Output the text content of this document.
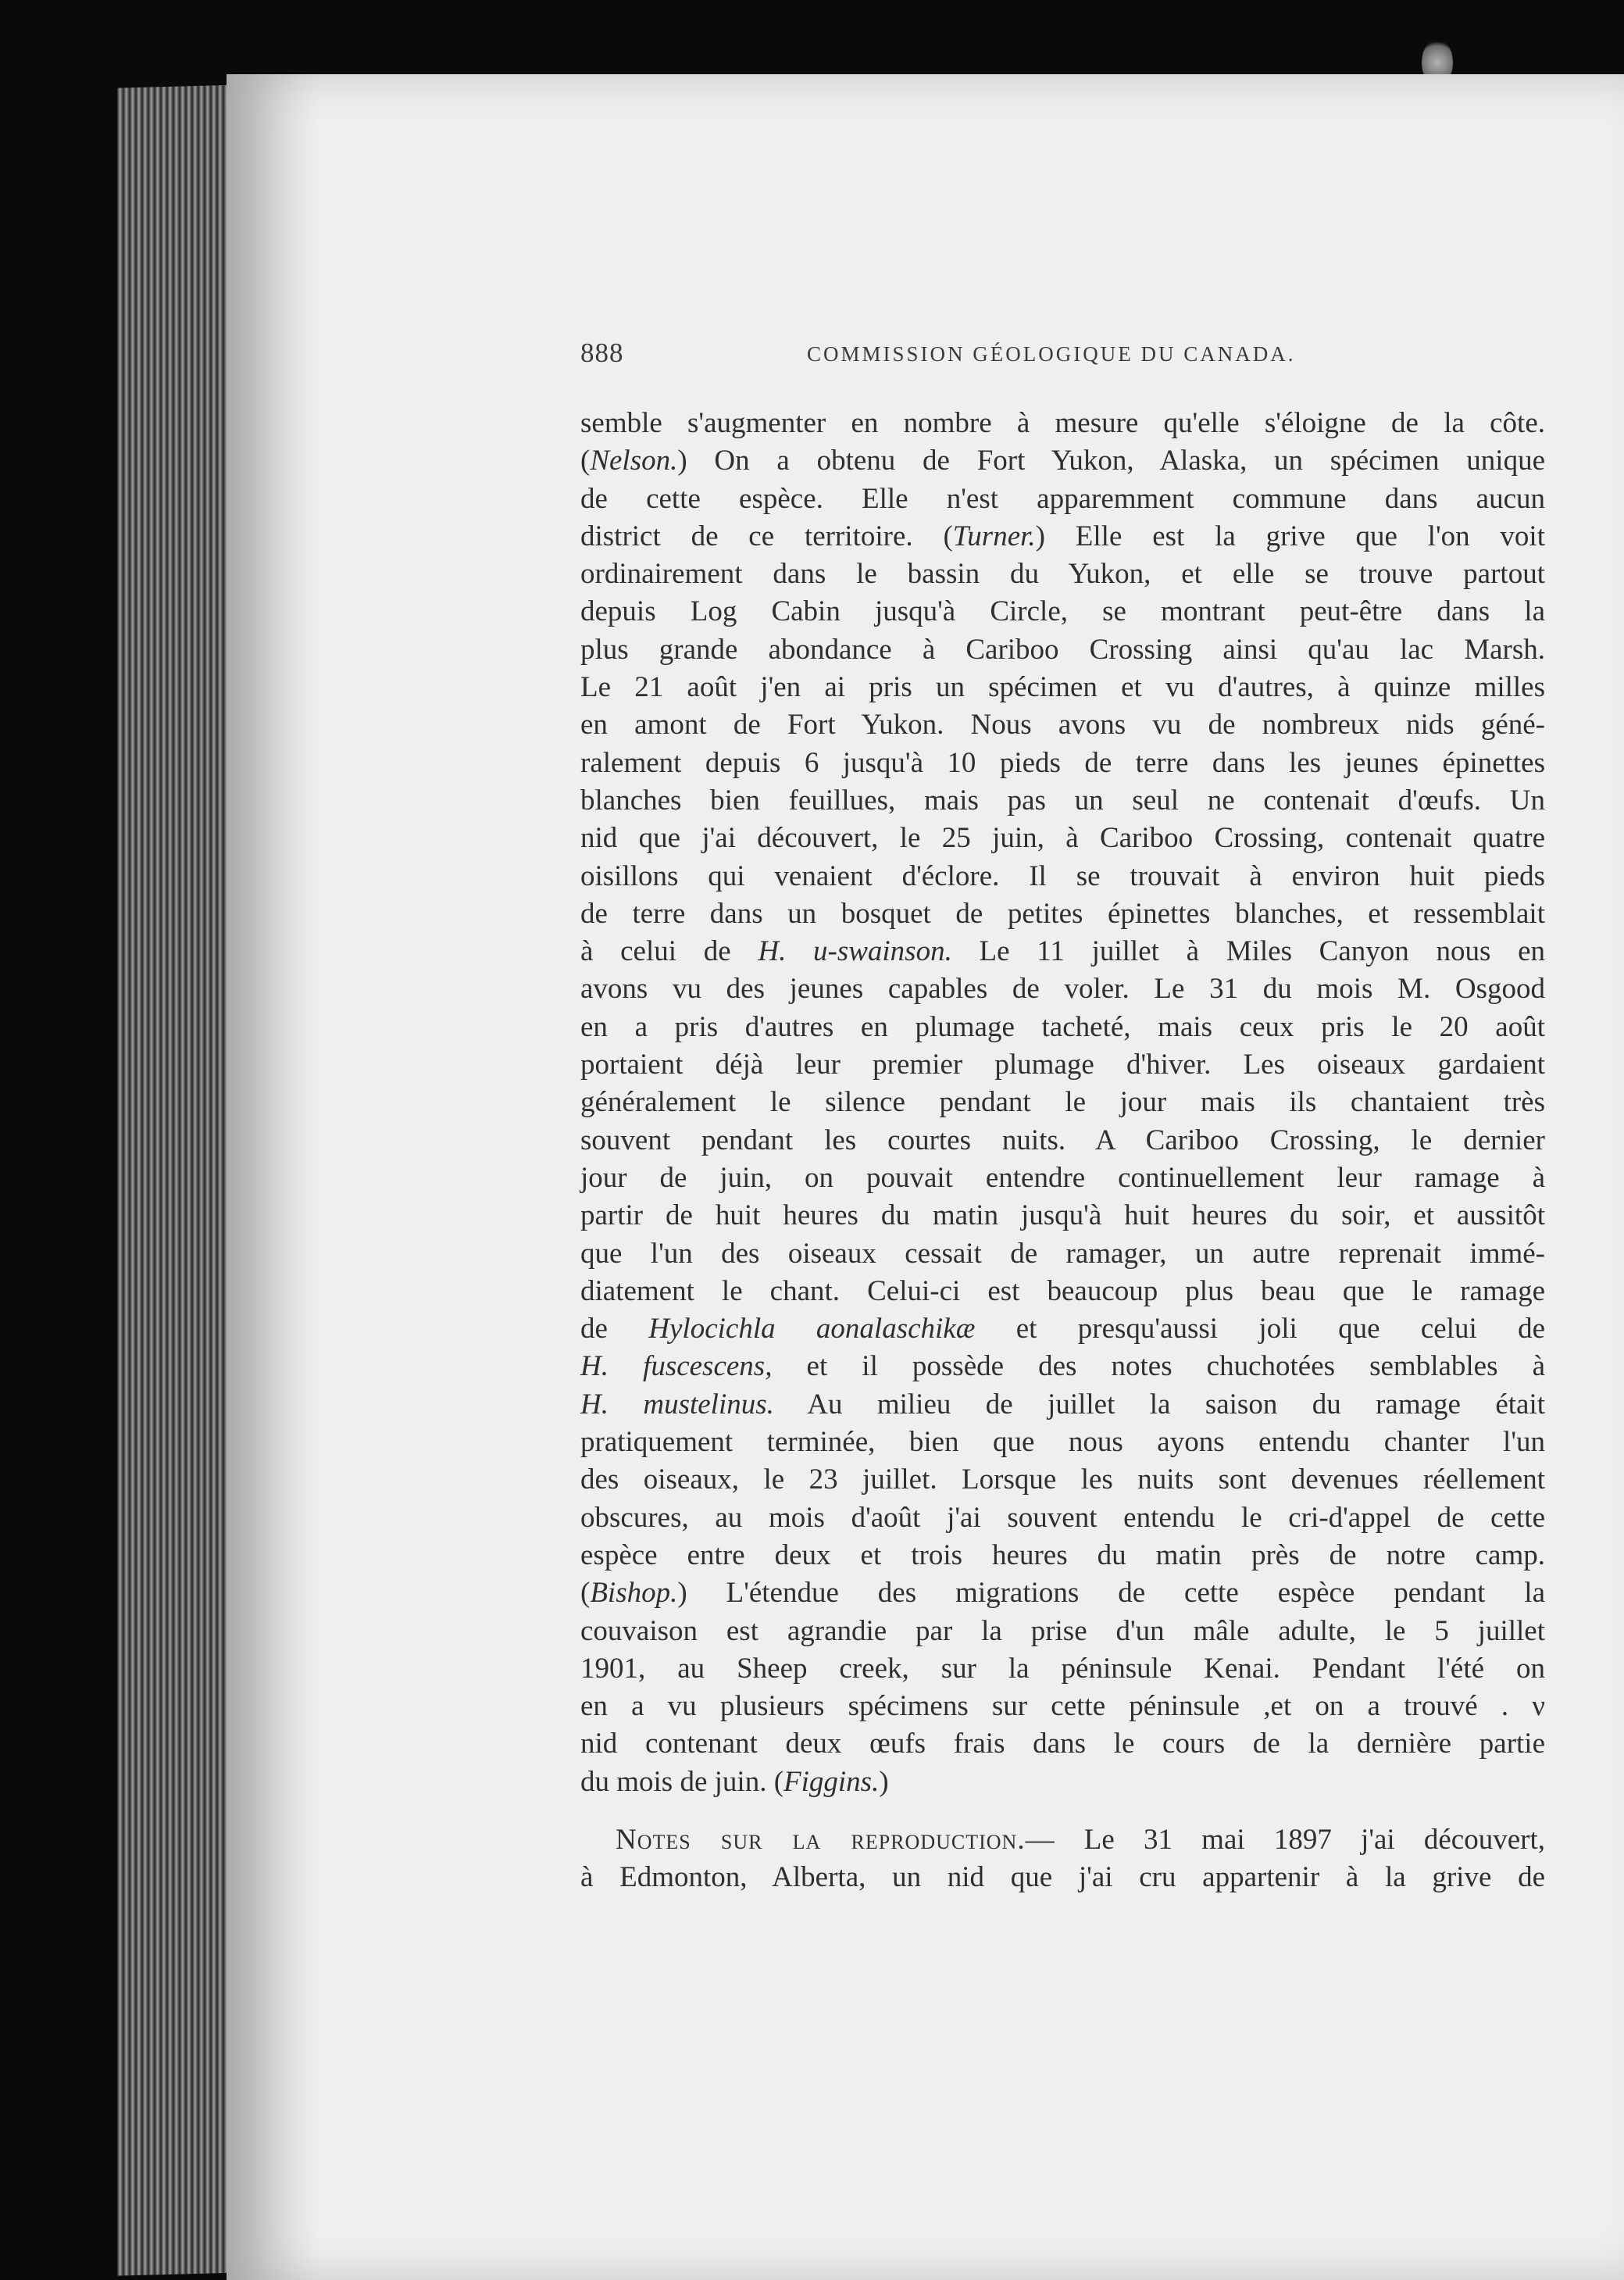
888	COMMISSION GÉOLOGIQUE DU CANADA.
semble s'augmenter en nombre à mesure qu'elle s'éloigne de la côte.
(Nelson.) On a obtenu de Fort Yukon, Alaska, un spécimen unique
de cette espèce. Elle n'est apparemment commune dans aucun
district de ce territoire. (Turner.) Elle est la grive que l'on voit
ordinairement dans le bassin du Yukon, et elle se trouve partout
depuis Log Cabin jusqu'à Circle, se montrant peut-être dans la
plus grande abondance à Cariboo Crossing ainsi qu'au lac Marsh.
Le 21 août j'en ai pris un spécimen et vu d'autres, à quinze milles
en amont de Fort Yukon. Nous avons vu de nombreux nids géné-
ralement depuis 6 jusqu'à 10 pieds de terre dans les jeunes épinettes
blanches bien feuillues, mais pas un seul ne contenait d'œufs. Un
nid que j'ai découvert, le 25 juin, à Cariboo Crossing, contenait quatre
oisillons qui venaient d'éclore. Il se trouvait à environ huit pieds
de terre dans un bosquet de petites épinettes blanches, et ressemblait
à celui de H. u-swainson. Le 11 juillet à Miles Canyon nous en
avons vu des jeunes capables de voler. Le 31 du mois M. Osgood
en a pris d'autres en plumage tacheté, mais ceux pris le 20 août
portaient déjà leur premier plumage d'hiver. Les oiseaux gardaient
généralement le silence pendant le jour mais ils chantaient très
souvent pendant les courtes nuits. A Cariboo Crossing, le dernier
jour de juin, on pouvait entendre continuellement leur ramage à
partir de huit heures du matin jusqu'à huit heures du soir, et aussitôt
que l'un des oiseaux cessait de ramager, un autre reprenait immé-
diatement le chant. Celui-ci est beaucoup plus beau que le ramage
de Hylocichla aonalaschikæ et presqu'aussi joli que celui de
H. fuscescens, et il possède des notes chuchotées semblables à
H. mustelinus. Au milieu de juillet la saison du ramage était
pratiquement terminée, bien que nous ayons entendu chanter l'un
des oiseaux, le 23 juillet. Lorsque les nuits sont devenues réellement
obscures, au mois d'août j'ai souvent entendu le cri-d'appel de cette
espèce entre deux et trois heures du matin près de notre camp.
(Bishop.) L'étendue des migrations de cette espèce pendant la
couvaison est agrandie par la prise d'un mâle adulte, le 5 juillet
1901, au Sheep creek, sur la péninsule Kenai. Pendant l'été on
en a vu plusieurs spécimens sur cette péninsule ,et on a trouvé . ν
nid contenant deux œufs frais dans le cours de la dernière partie
du mois de juin. (Figgins.)
Notes sur la reproduction.— Le 31 mai 1897 j'ai découvert,
à Edmonton, Alberta, un nid que j'ai cru appartenir à la grive de
